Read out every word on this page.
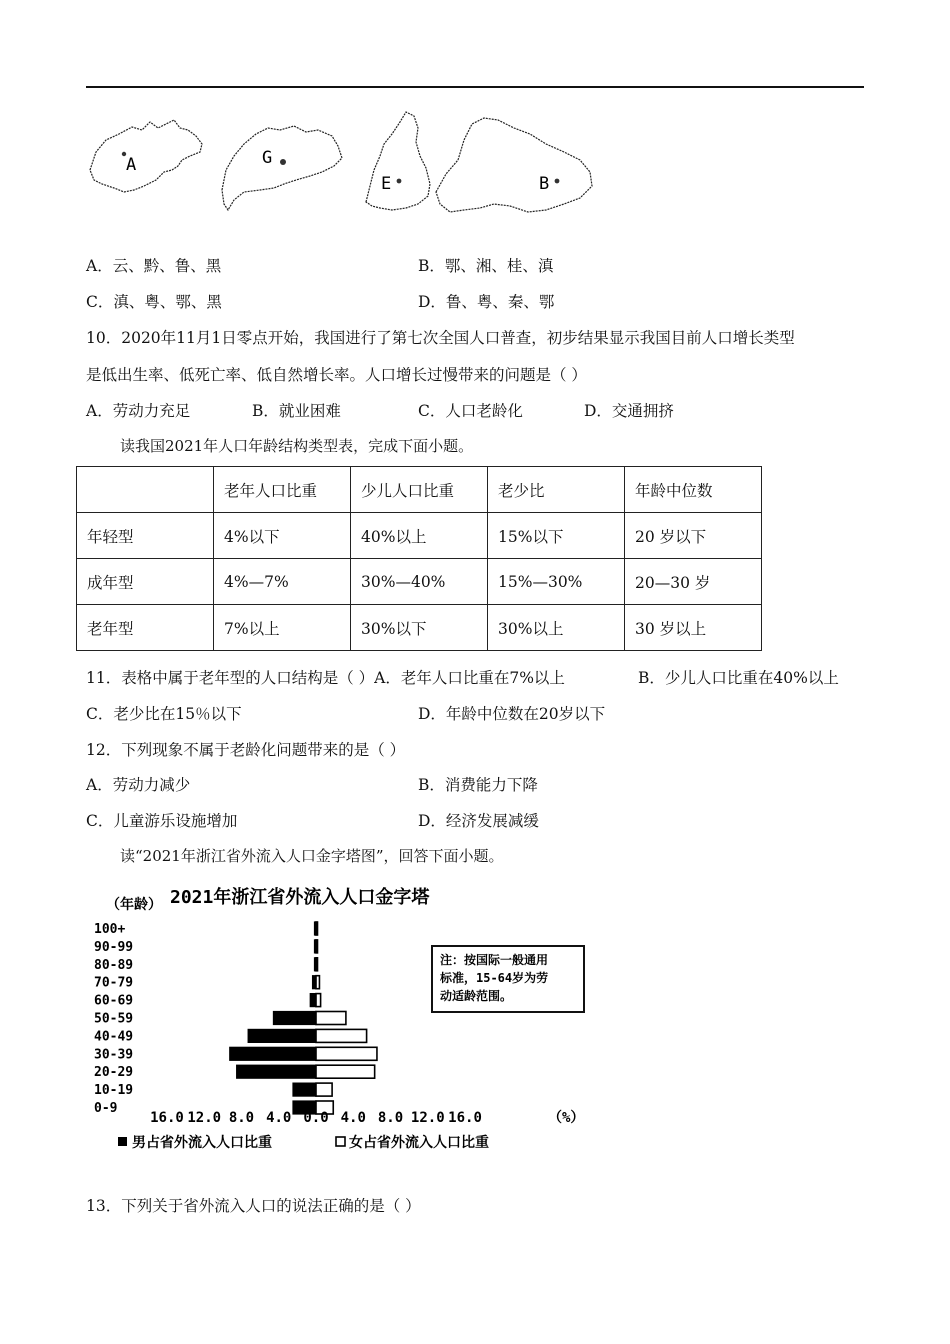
A	G
E	B
A．云、黔、鲁、黑	B．鄂、湘、桂、滇
C．滇、粤、鄂、黑	D．鲁、粤、秦、鄂
10．2020年11月1日零点开始，我国进行了第七次全国人口普查，初步结果显示我国目前人口增长类型
是低出生率、低死亡率、低自然增长率。人口增长过慢带来的问题是（ ）
A．劳动力充足	B．就业困难	C．人口老龄化	D．交通拥挤
读我国2021年人口年龄结构类型表，完成下面小题。
	老年人口比重	少儿人口比重	老少比	年龄中位数
年轻型	4%以下	40%以上	15%以下	20 岁以下
成年型	4%—7%	30%—40%	15%—30%	20—30 岁
老年型	7%以上	30%以下	30%以上	30 岁以上
11．表格中属于老年型的人口结构是（ ）A．老年人口比重在7%以上	B．少儿人口比重在40%以上
C．老少比在15％以下	D．年龄中位数在20岁以下
12．下列现象不属于老龄化问题带来的是（ ）
A．劳动力减少	B．消费能力下降
C．儿童游乐设施增加	D．经济发展减缓
读“2021年浙江省外流入人口金字塔图”，回答下面小题。
2021年浙江省外流入人口金字塔
（年龄）
100+
90-99
80-89
70-79
60-69
50-59
40-49
30-39
20-29
10-19
0-9
16.0 12.0 8.0 4.0 0.0 4.0 8.0 12.0 16.0	（%）
注：按国际一般通用
标准，15-64岁为劳
动适龄范围。
男占省外流入人口比重	女占省外流入人口比重
13．下列关于省外流入人口的说法正确的是（ ）
